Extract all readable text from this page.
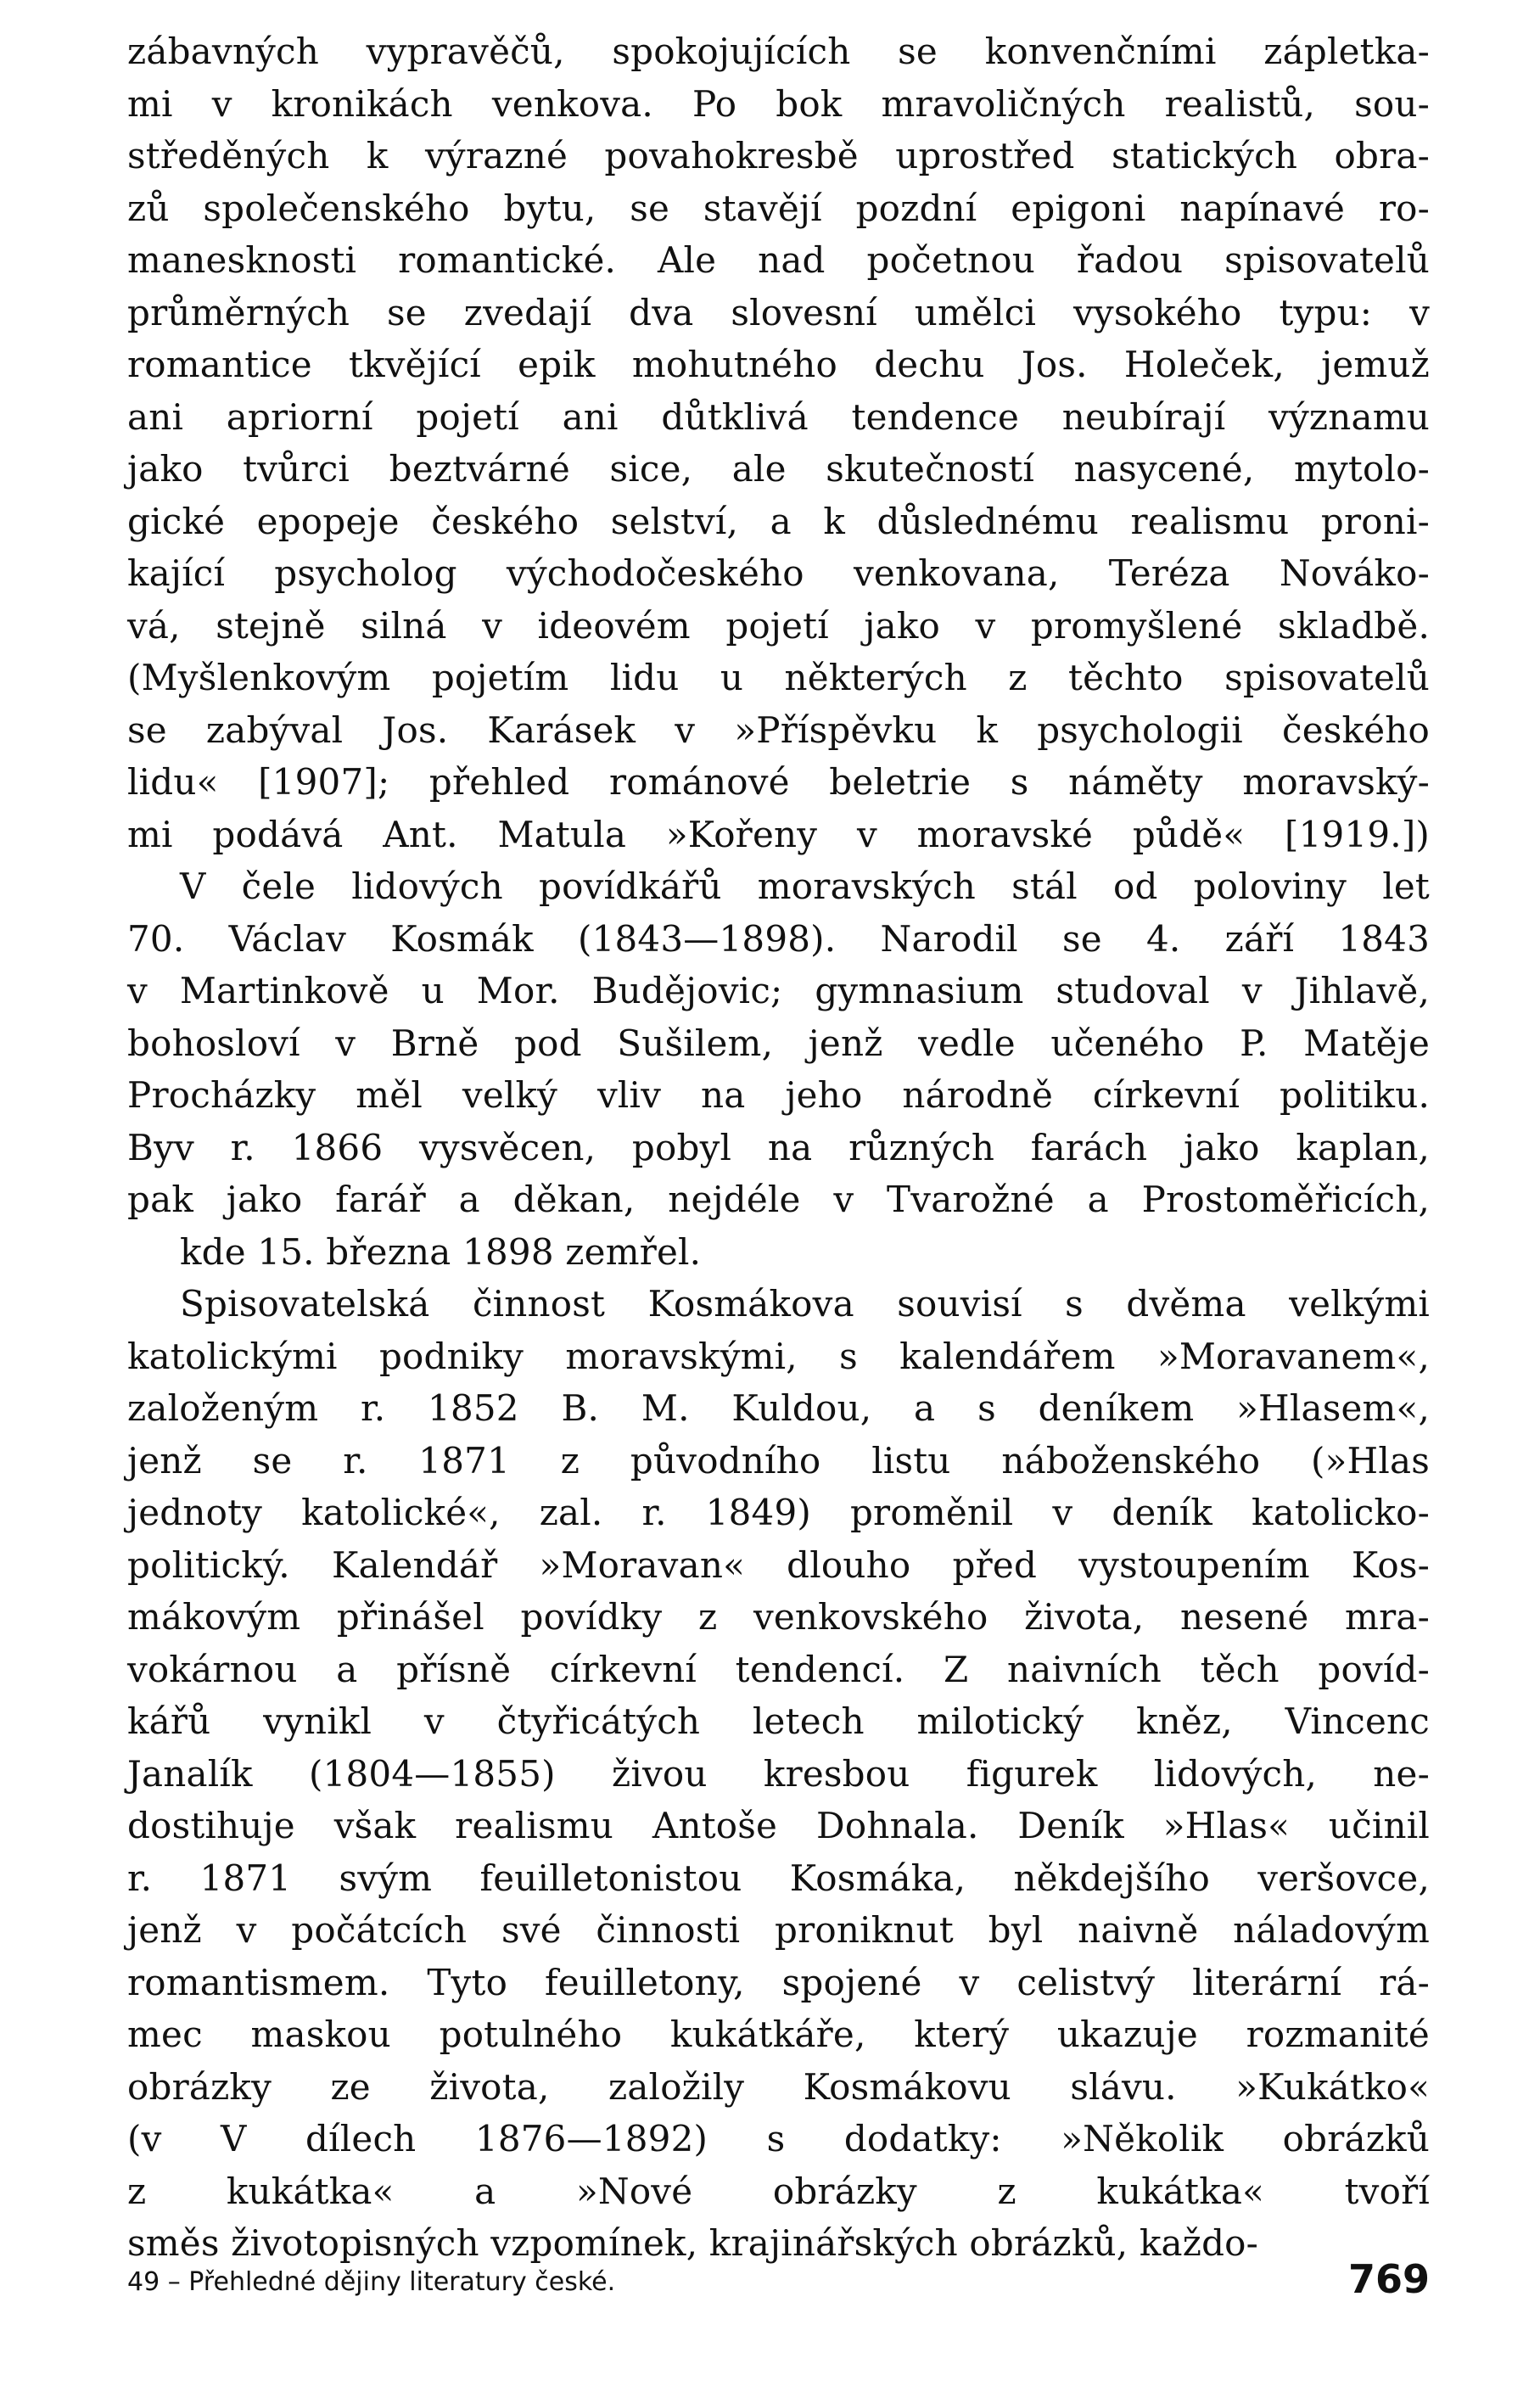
zábavných vypravěčů, spokojujících se konvenčními zápletka-
mi v kronikách venkova. Po bok mravoličných realistů, sou-
středěných k výrazné povahokresbě uprostřed statických obra-
zů společenského bytu, se stavějí pozdní epigoni napínavé ro-
manesknosti romantické. Ale nad početnou řadou spisovatelů
průměrných se zvedají dva slovesní umělci vysokého typu: v
romantice tkvějící epik mohutného dechu Jos. Holeček, jemuž
ani apriorní pojetí ani důtklivá tendence neubírají významu
jako tvůrci beztvárné sice, ale skutečností nasycené, mytolo-
gické epopeje českého selství, a k důslednému realismu proni-
kající psycholog východočeského venkovana, Teréza Nováko-
vá, stejně silná v ideovém pojetí jako v promyšlené skladbě.
(Myšlenkovým pojetím lidu u některých z těchto spisovatelů
se zabýval Jos. Karásek v »Příspěvku k psychologii českého
lidu« [1907]; přehled románové beletrie s náměty moravský-
mi podává Ant. Matula »Kořeny v moravské půdě« [1919.])
V čele lidových povídkářů moravských stál od poloviny let
70. Václav Kosmák (1843—1898). Narodil se 4. září 1843
v Martinkově u Mor. Budějovic; gymnasium studoval v Jihlavě,
bohosloví v Brně pod Sušilem, jenž vedle učeného P. Matěje
Procházky měl velký vliv na jeho národně církevní politiku.
Byv r. 1866 vysvěcen, pobyl na různých farách jako kaplan,
pak jako farář a děkan, nejdéle v Tvarožné a Prostoměřicích,
kde 15. března 1898 zemřel.
Spisovatelská činnost Kosmákova souvisí s dvěma velkými
katolickými podniky moravskými, s kalendářem »Moravanem«,
založeným r. 1852 B. M. Kuldou, a s deníkem »Hlasem«,
jenž se r. 1871 z původního listu náboženského (»Hlas
jednoty katolické«, zal. r. 1849) proměnil v deník katolicko-
politický. Kalendář »Moravan« dlouho před vystoupením Kos-
mákovým přinášel povídky z venkovského života, nesené mra-
vokárnou a přísně církevní tendencí. Z naivních těch povíd-
kářů vynikl v čtyřicátých letech milotický kněz, Vincenc
Janalík (1804—1855) živou kresbou figurek lidových, ne-
dostihuje však realismu Antoše Dohnala. Deník »Hlas« učinil
r. 1871 svým feuilletonistou Kosmáka, někdejšího veršovce,
jenž v počátcích své činnosti proniknut byl naivně náladovým
romantismem. Tyto feuilletony, spojené v celistvý literární rá-
mec maskou potulného kukátkáře, který ukazuje rozmanité
obrázky ze života, založily Kosmákovu slávu. »Kukátko«
(v V dílech 1876—1892) s dodatky: »Několik obrázků
z kukátka« a »Nové obrázky z kukátka« tvoří
směs životopisných vzpomínek, krajinářských obrázků, každo-
49 – Přehledné dějiny literatury české.	769
